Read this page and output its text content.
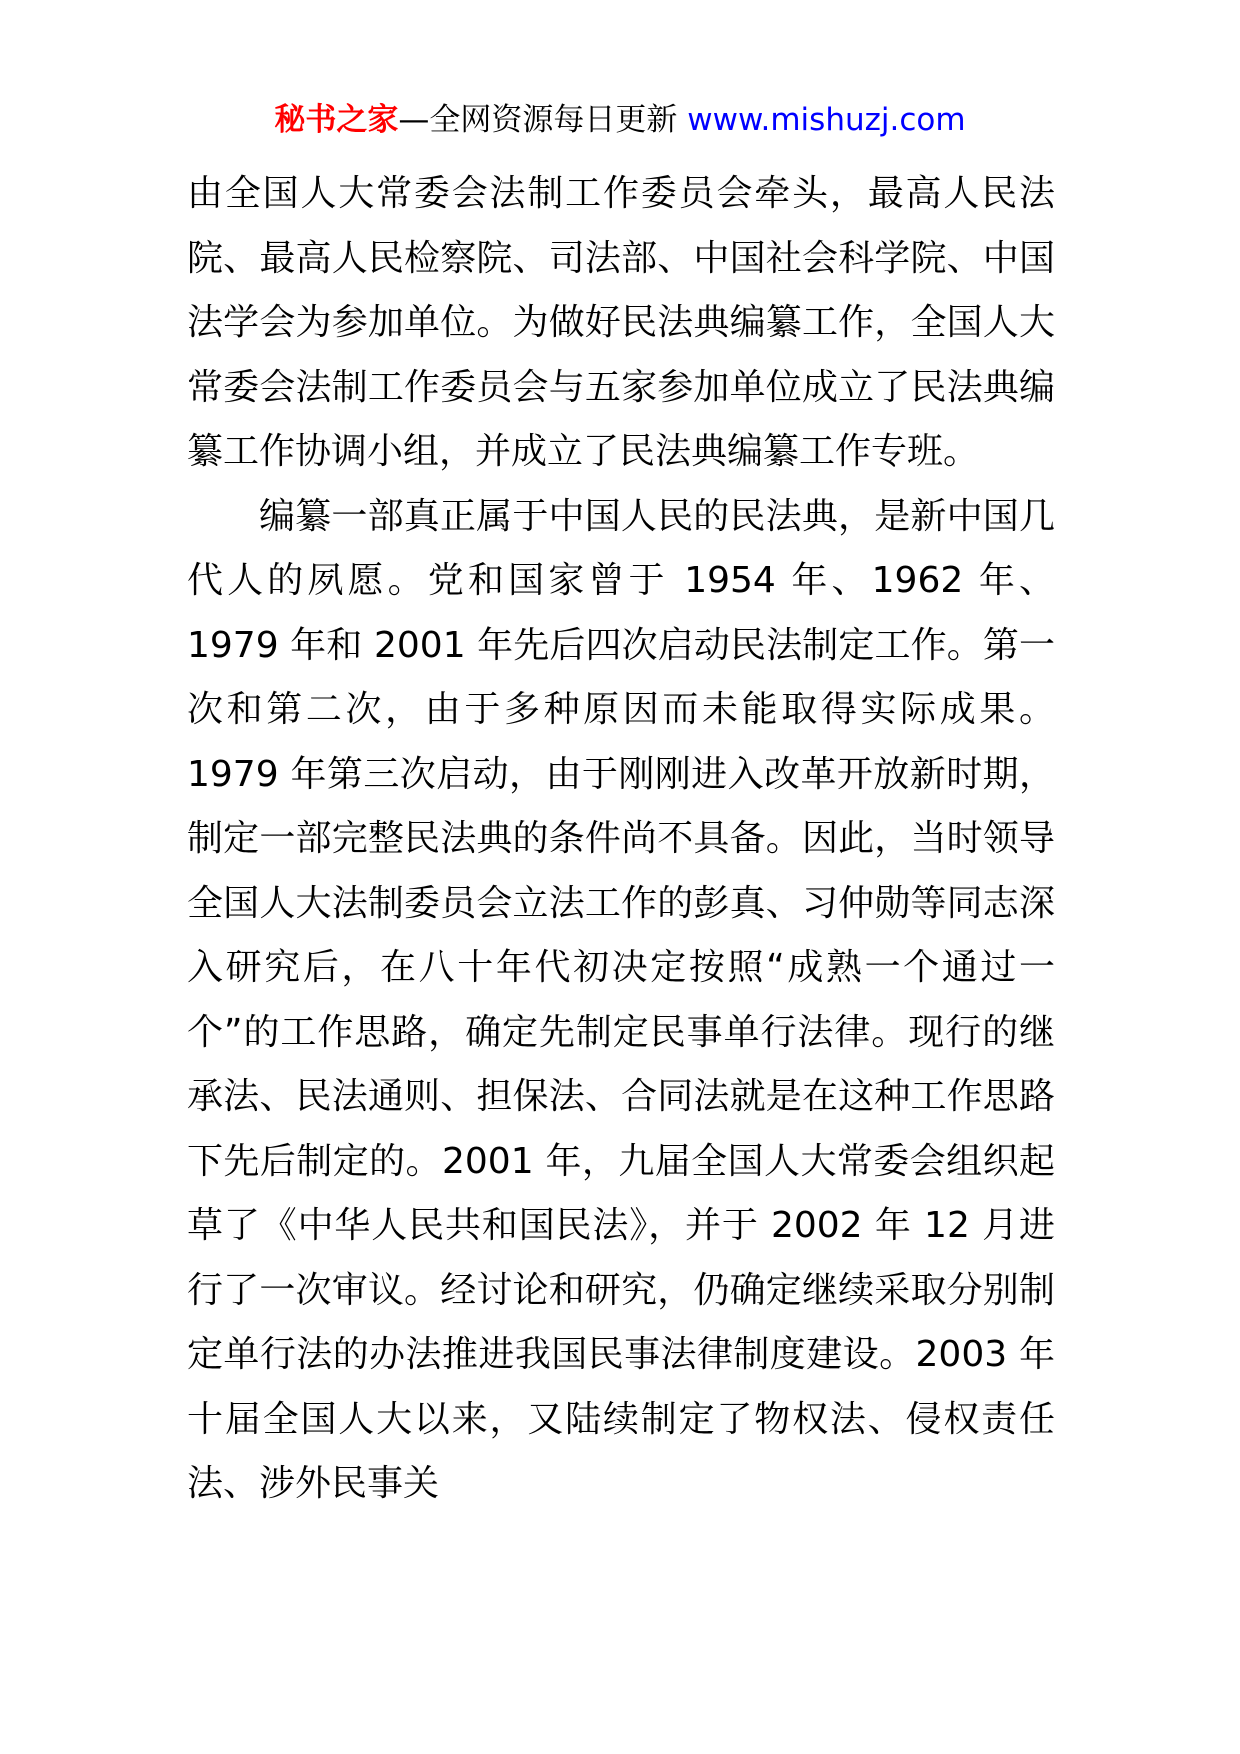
秘书之家—全网资源每日更新 www.mishuzj.com

由全国人大常委会法制工作委员会牵头，最高人民法院、最高人民检察院、司法部、中国社会科学院、中国法学会为参加单位。为做好民法典编纂工作，全国人大常委会法制工作委员会与五家参加单位成立了民法典编纂工作协调小组，并成立了民法典编纂工作专班。

编纂一部真正属于中国人民的民法典，是新中国几代人的夙愿。党和国家曾于 1954 年、1962 年、1979 年和 2001 年先后四次启动民法制定工作。第一次和第二次，由于多种原因而未能取得实际成果。1979 年第三次启动，由于刚刚进入改革开放新时期，制定一部完整民法典的条件尚不具备。因此，当时领导全国人大法制委员会立法工作的彭真、习仲勋等同志深入研究后，在八十年代初决定按照“成熟一个通过一个”的工作思路，确定先制定民事单行法律。现行的继承法、民法通则、担保法、合同法就是在这种工作思路下先后制定的。2001 年，九届全国人大常委会组织起草了《中华人民共和国民法》，并于 2002 年 12 月进行了一次审议。经讨论和研究，仍确定继续采取分别制定单行法的办法推进我国民事法律制度建设。2003 年十届全国人大以来，又陆续制定了物权法、侵权责任法、涉外民事关
